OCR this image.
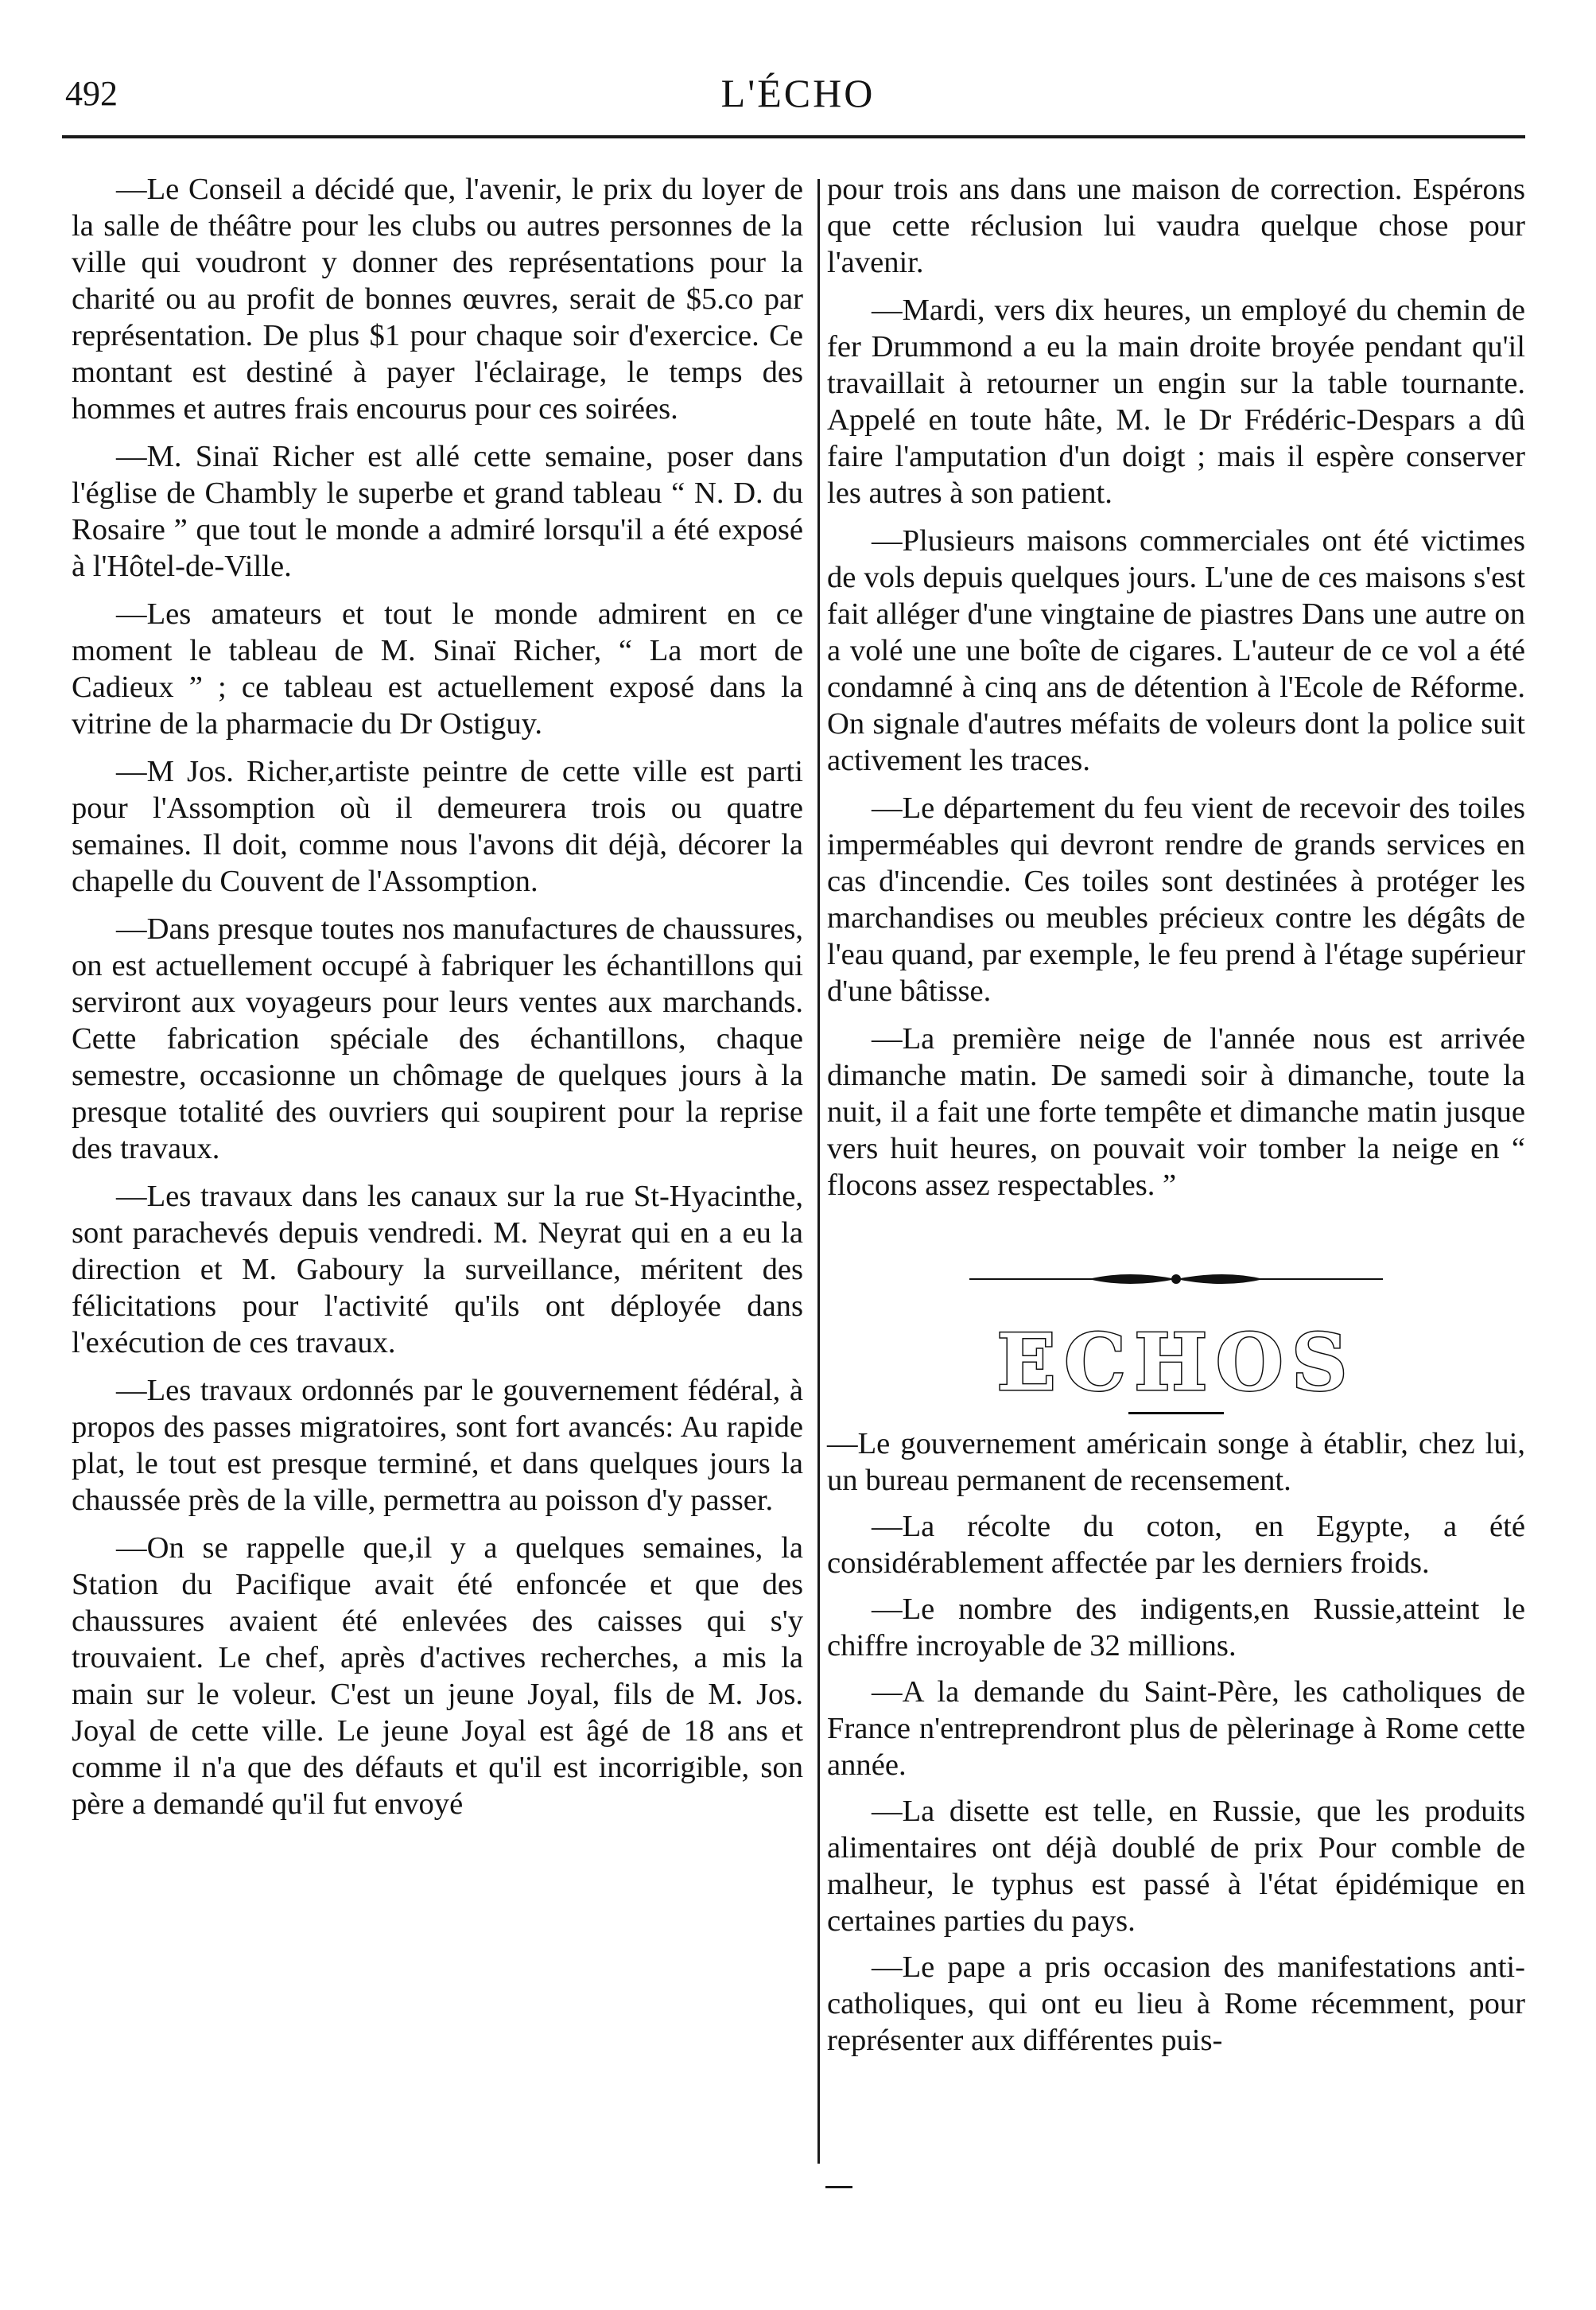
492	L'ÉCHO

—Le Conseil a décidé que, l'avenir, le prix du loyer de la salle de théâtre pour les clubs ou autres personnes de la ville qui voudront y donner des représentations pour la charité ou au profit de bonnes œuvres, serait de $5.co par représentation. De plus $1 pour chaque soir d'exercice. Ce montant est destiné à payer l'éclairage, le temps des hommes et autres frais encourus pour ces soirées.

—M. Sinaï Richer est allé cette semaine, poser dans l'église de Chambly le superbe et grand tableau “ N. D. du Rosaire ” que tout le monde a admiré lorsqu'il a été exposé à l'Hôtel-de-Ville.

—Les amateurs et tout le monde admirent en ce moment le tableau de M. Sinaï Richer, “ La mort de Cadieux ” ; ce tableau est actuellement exposé dans la vitrine de la pharmacie du Dr Ostiguy.

—M Jos. Richer,artiste peintre de cette ville est parti pour l'Assomption où il demeurera trois ou quatre semaines. Il doit, comme nous l'avons dit déjà, décorer la chapelle du Couvent de l'Assomption.

—Dans presque toutes nos manufactures de chaussures, on est actuellement occupé à fabriquer les échantillons qui serviront aux voyageurs pour leurs ventes aux marchands. Cette fabrication spéciale des échantillons, chaque semestre, occasionne un chômage de quelques jours à la presque totalité des ouvriers qui soupirent pour la reprise des travaux.

—Les travaux dans les canaux sur la rue St-Hyacinthe, sont parachevés depuis vendredi. M. Neyrat qui en a eu la direction et M. Gaboury la surveillance, méritent des félicitations pour l'activité qu'ils ont déployée dans l'exécution de ces travaux.

—Les travaux ordonnés par le gouvernement fédéral, à propos des passes migratoires, sont fort avancés: Au rapide plat, le tout est presque terminé, et dans quelques jours la chaussée près de la ville, permettra au poisson d'y passer.

—On se rappelle que,il y a quelques semaines, la Station du Pacifique avait été enfoncée et que des chaussures avaient été enlevées des caisses qui s'y trouvaient. Le chef, après d'actives recherches, a mis la main sur le voleur. C'est un jeune Joyal, fils de M. Jos. Joyal de cette ville. Le jeune Joyal est âgé de 18 ans et comme il n'a que des défauts et qu'il est incorrigible, son père a demandé qu'il fut envoyé

pour trois ans dans une maison de correction. Espérons que cette réclusion lui vaudra quelque chose pour l'avenir.

—Mardi, vers dix heures, un employé du chemin de fer Drummond a eu la main droite broyée pendant qu'il travaillait à retourner un engin sur la table tournante. Appelé en toute hâte, M. le Dr Frédéric-Despars a dû faire l'amputation d'un doigt ; mais il espère conserver les autres à son patient.

—Plusieurs maisons commerciales ont été victimes de vols depuis quelques jours. L'une de ces maisons s'est fait alléger d'une vingtaine de piastres Dans une autre on a volé une une boîte de cigares. L'auteur de ce vol a été condamné à cinq ans de détention à l'Ecole de Réforme. On signale d'autres méfaits de voleurs dont la police suit activement les traces.

—Le département du feu vient de recevoir des toiles imperméables qui devront rendre de grands services en cas d'incendie. Ces toiles sont destinées à protéger les marchandises ou meubles précieux contre les dégâts de l'eau quand, par exemple, le feu prend à l'étage supérieur d'une bâtisse.

—La première neige de l'année nous est arrivée dimanche matin. De samedi soir à dimanche, toute la nuit, il a fait une forte tempête et dimanche matin jusque vers huit heures, on pouvait voir tomber la neige en “ flocons assez respectables. ”

ECHOS

—Le gouvernement américain songe à établir, chez lui, un bureau permanent de recensement.

—La récolte du coton, en Egypte, a été considérablement affectée par les derniers froids.

—Le nombre des indigents,en Russie,atteint le chiffre incroyable de 32 millions.

—A la demande du Saint-Père, les catholiques de France n'entreprendront plus de pèlerinage à Rome cette année.

—La disette est telle, en Russie, que les produits alimentaires ont déjà doublé de prix Pour comble de malheur, le typhus est passé à l'état épidémique en certaines parties du pays.

—Le pape a pris occasion des manifestations anti-catholiques, qui ont eu lieu à Rome récemment, pour représenter aux différentes puis-
